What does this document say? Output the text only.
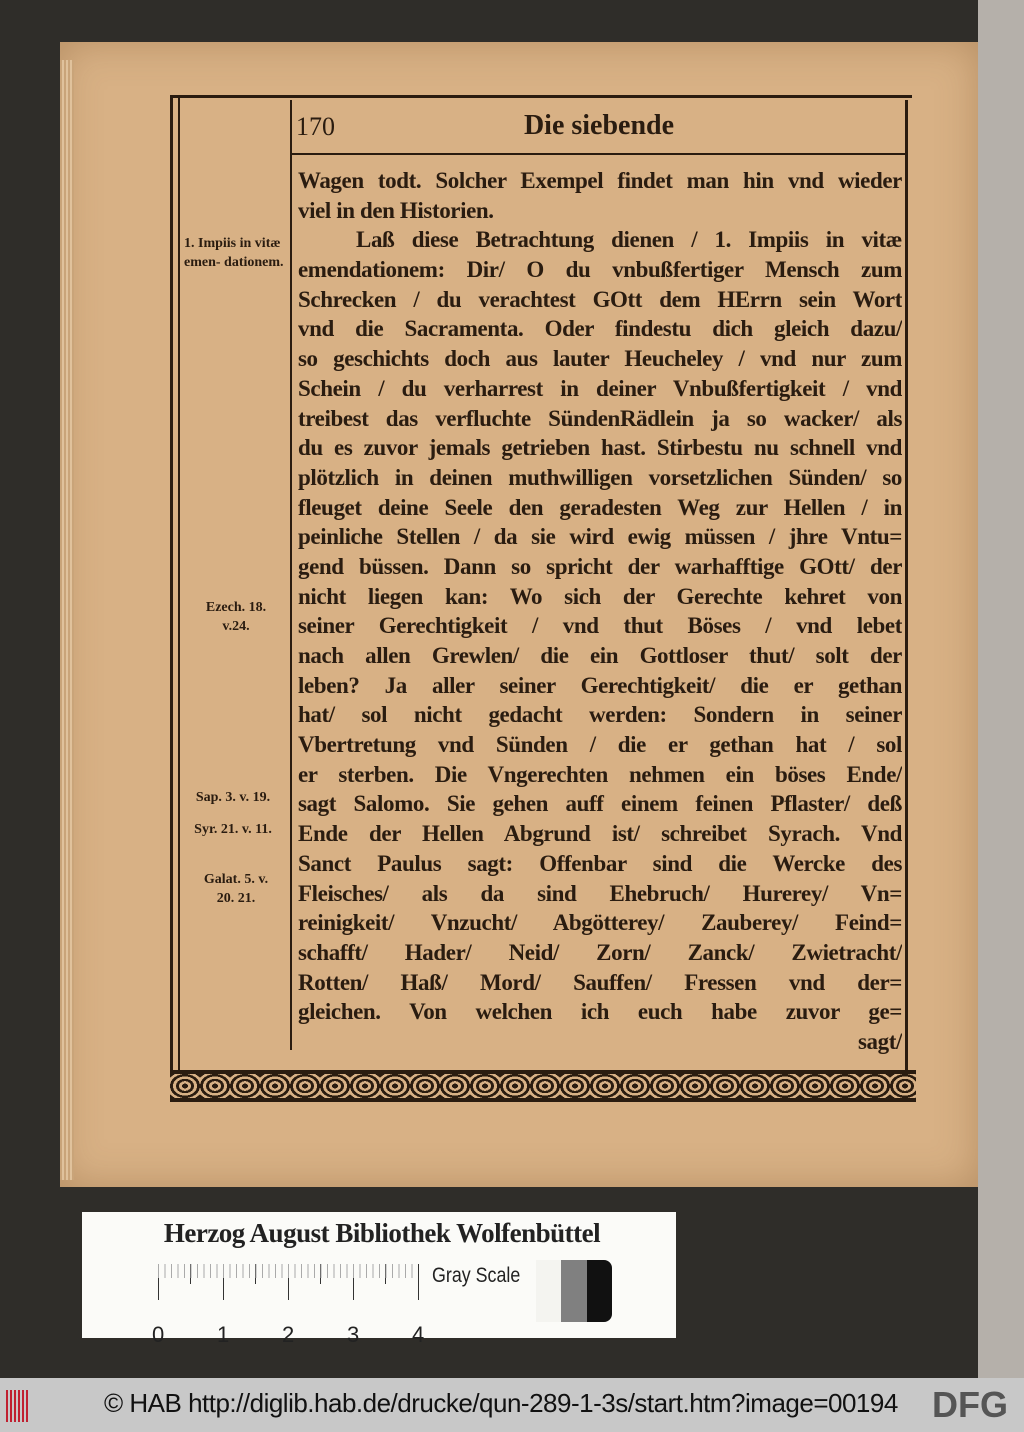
170	Die siebende
Wagen todt. Solcher Exempel findet man hin vnd wieder
viel in den Historien.
Laß diese Betrachtung dienen / 1. Impiis in vitæ
emendationem: Dir/ O du vnbußfertiger Mensch zum
Schrecken / du verachtest GOtt dem HErrn sein Wort
vnd die Sacramenta. Oder findestu dich gleich dazu/
so geschichts doch aus lauter Heucheley / vnd nur zum
Schein / du verharrest in deiner Vnbußfertigkeit / vnd
treibest das verfluchte SündenRädlein ja so wacker/ als
du es zuvor jemals getrieben hast. Stirbestu nu schnell vnd
plötzlich in deinen muthwilligen vorsetzlichen Sünden/ so
fleuget deine Seele den geradesten Weg zur Hellen / in
peinliche Stellen / da sie wird ewig müssen / jhre Vntu=
gend büssen. Dann so spricht der warhafftige GOtt/ der
nicht liegen kan: Wo sich der Gerechte kehret von
seiner Gerechtigkeit / vnd thut Böses / vnd lebet
nach allen Grewlen/ die ein Gottloser thut/ solt der
leben? Ja aller seiner Gerechtigkeit/ die er gethan
hat/ sol nicht gedacht werden: Sondern in seiner
Vbertretung vnd Sünden / die er gethan hat / sol
er sterben. Die Vngerechten nehmen ein böses Ende/
sagt Salomo. Sie gehen auff einem feinen Pflaster/ deß
Ende der Hellen Abgrund ist/ schreibet Syrach. Vnd
Sanct Paulus sagt: Offenbar sind die Wercke des
Fleisches/ als da sind Ehebruch/ Hurerey/ Vn=
reinigkeit/ Vnzucht/ Abgötterey/ Zauberey/ Feind=
schafft/ Hader/ Neid/ Zorn/ Zanck/ Zwietracht/
Rotten/ Haß/ Mord/ Sauffen/ Fressen vnd der=
gleichen. Von welchen ich euch habe zuvor ge=
sagt/
1. Impiis in vitæ emen- dationem.
Ezech. 18. v.24.
Sap. 3. v. 19.
Syr. 21. v. 11.
Galat. 5. v. 20. 21.
Herzog August Bibliothek Wolfenbüttel
0 1 2 3 4
Gray Scale
© HAB http://diglib.hab.de/drucke/qun-289-1-3s/start.htm?image=00194 DFG
